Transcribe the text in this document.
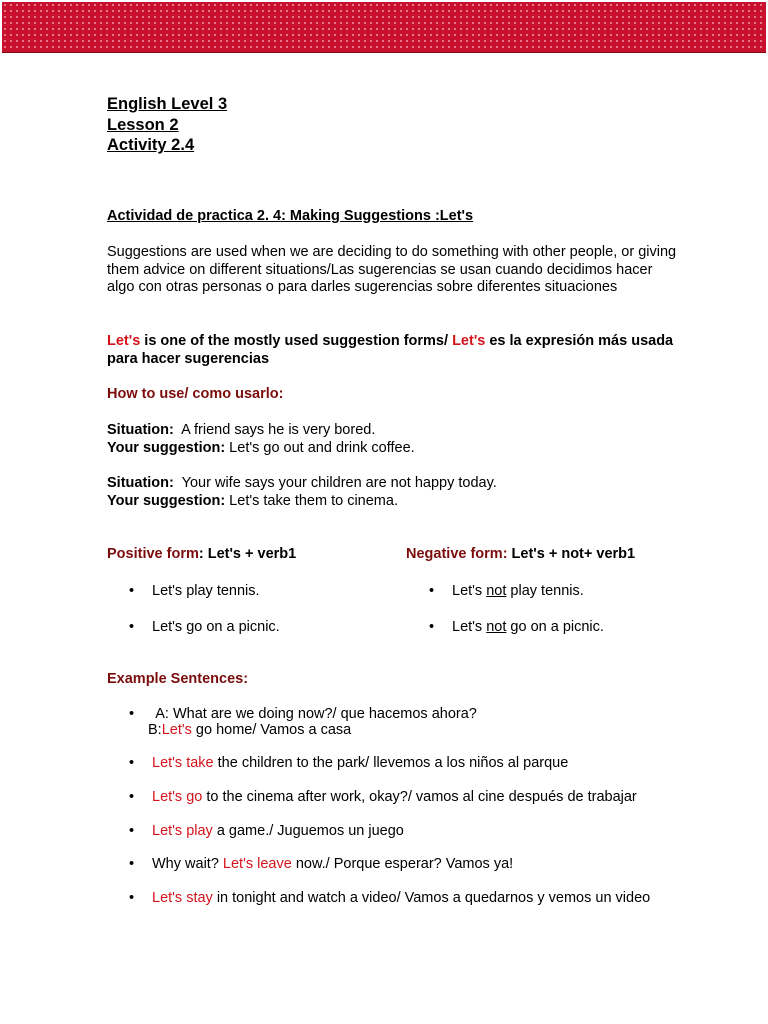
English Level 3
Lesson 2
Activity 2.4
Actividad de practica 2. 4: Making Suggestions :Let's
Suggestions are used when we are deciding to do something with other people, or giving them advice on different situations/Las sugerencias se usan cuando decidimos hacer algo con otras personas o para darles sugerencias sobre diferentes situaciones
Let's is one of the mostly used suggestion forms/ Let's es la expresión más usada para hacer sugerencias
How to use/ como usarlo:
Situation:  A friend says he is very bored.
Your suggestion: Let's go out and drink coffee.
Situation:  Your wife says your children are not happy today.
Your suggestion: Let's take them to cinema.
Positive form: Let's + verb1	Negative form: Let's + not+ verb1
• Let's play tennis.
• Let's go on a picnic.
• Let's not play tennis.
• Let's not go on a picnic.
Example Sentences:
• A: What are we doing now?/ que hacemos ahora?
B:Let's go home/ Vamos a casa
• Let's take the children to the park/ llevemos a los niños al parque
• Let's go to the cinema after work, okay?/ vamos al cine después de trabajar
• Let's play a game./ Juguemos un juego
• Why wait? Let's leave now./ Porque esperar? Vamos ya!
• Let's stay in tonight and watch a video/ Vamos a quedarnos y vemos un video
